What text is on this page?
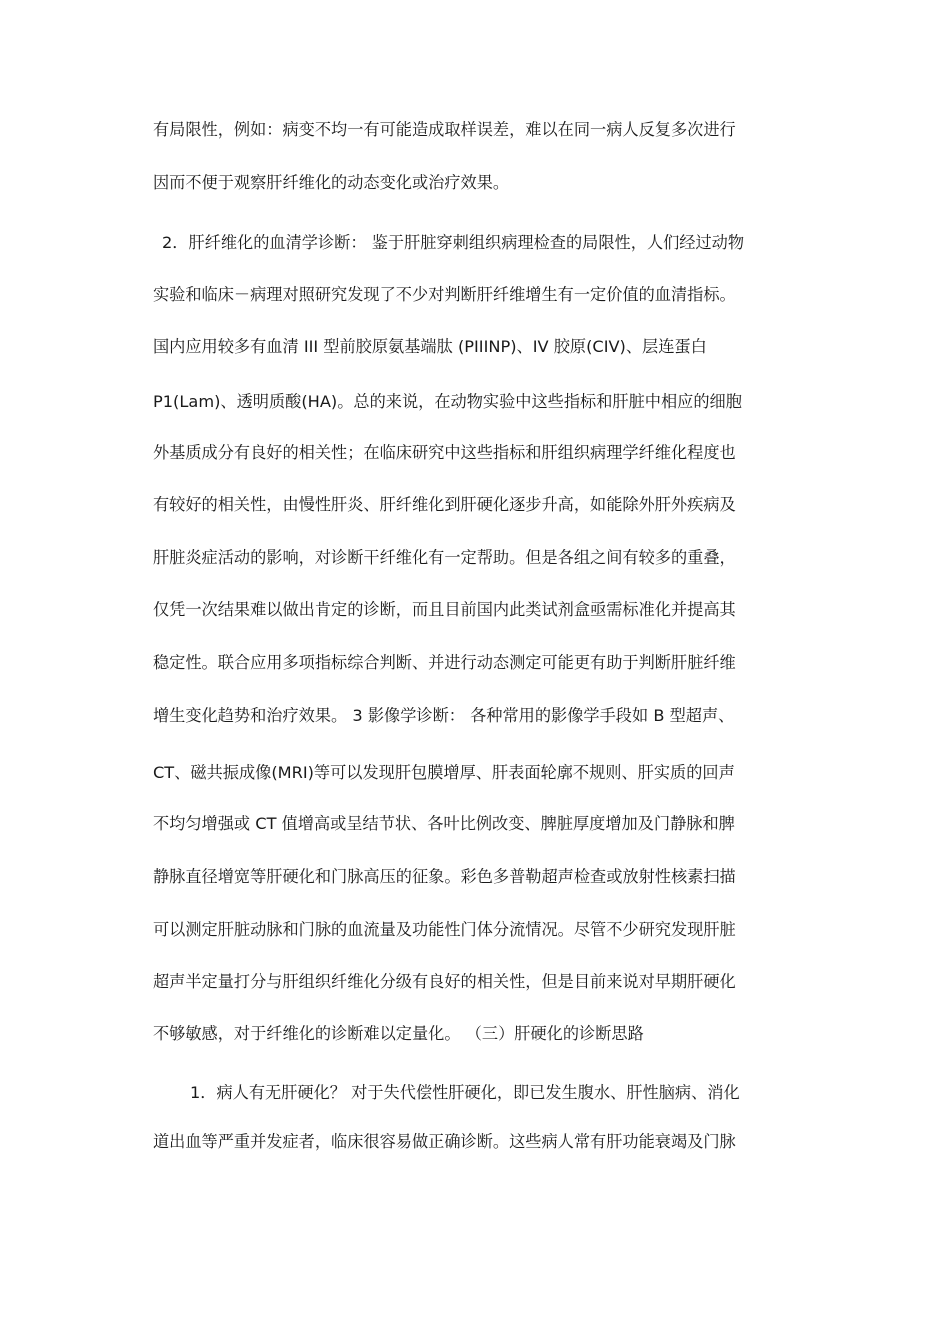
有局限性，例如：病变不均一有可能造成取样误差，难以在同一病人反复多次进行
因而不便于观察肝纤维化的动态变化或治疗效果。
2．肝纤维化的血清学诊断： 鉴于肝脏穿刺组织病理检查的局限性，人们经过动物
实验和临床－病理对照研究发现了不少对判断肝纤维增生有一定价值的血清指标。
国内应用较多有血清 III 型前胶原氨基端肽 (PIIINP)、IV 胶原(CIV)、层连蛋白
P1(Lam)、透明质酸(HA)。总的来说，在动物实验中这些指标和肝脏中相应的细胞
外基质成分有良好的相关性；在临床研究中这些指标和肝组织病理学纤维化程度也
有较好的相关性，由慢性肝炎、肝纤维化到肝硬化逐步升高，如能除外肝外疾病及
肝脏炎症活动的影响，对诊断干纤维化有一定帮助。但是各组之间有较多的重叠，
仅凭一次结果难以做出肯定的诊断，而且目前国内此类试剂盒亟需标准化并提高其
稳定性。联合应用多项指标综合判断、并进行动态测定可能更有助于判断肝脏纤维
增生变化趋势和治疗效果。 3 影像学诊断： 各种常用的影像学手段如 B 型超声、
CT、磁共振成像(MRI)等可以发现肝包膜增厚、肝表面轮廓不规则、肝实质的回声
不均匀增强或 CT 值增高或呈结节状、各叶比例改变、脾脏厚度增加及门静脉和脾
静脉直径增宽等肝硬化和门脉高压的征象。彩色多普勒超声检查或放射性核素扫描
可以测定肝脏动脉和门脉的血流量及功能性门体分流情况。尽管不少研究发现肝脏
超声半定量打分与肝组织纤维化分级有良好的相关性，但是目前来说对早期肝硬化
不够敏感，对于纤维化的诊断难以定量化。 （三）肝硬化的诊断思路
1．病人有无肝硬化？ 对于失代偿性肝硬化，即已发生腹水、肝性脑病、消化
道出血等严重并发症者，临床很容易做正确诊断。这些病人常有肝功能衰竭及门脉
